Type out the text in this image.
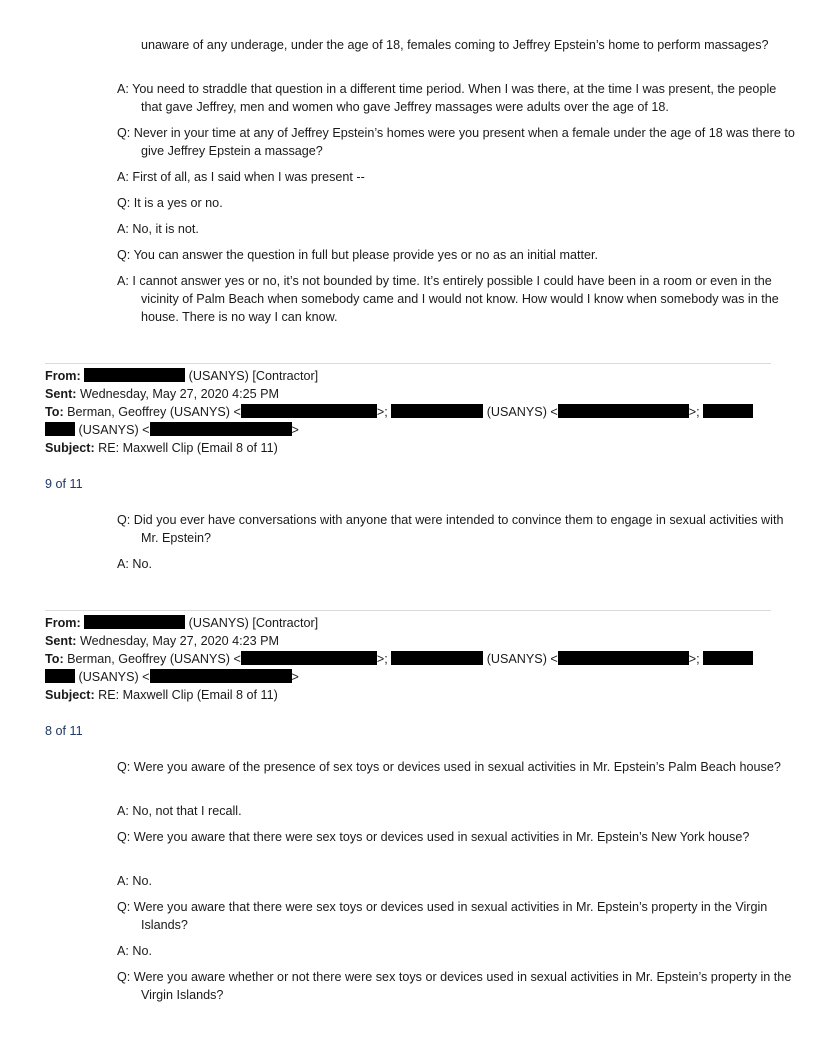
unaware of any underage, under the age of 18, females coming to Jeffrey Epstein’s home to perform massages?
A: You need to straddle that question in a different time period. When I was there, at the time I was present, the people that gave Jeffrey, men and women who gave Jeffrey massages were adults over the age of 18.
Q: Never in your time at any of Jeffrey Epstein’s homes were you present when a female under the age of 18 was there to give Jeffrey Epstein a massage?
A: First of all, as I said when I was present --
Q: It is a yes or no.
A: No, it is not.
Q: You can answer the question in full but please provide yes or no as an initial matter.
A: I cannot answer yes or no, it’s not bounded by time. It’s entirely possible I could have been in a room or even in the vicinity of Palm Beach when somebody came and I would not know. How would I know when somebody was in the house. There is no way I can know.
From:	(USANYS) [Contractor]
Sent: Wednesday, May 27, 2020 4:25 PM
To: Berman, Geoffrey (USANYS) <	>;	(USANYS) <	>;
(USANYS) <	>
Subject: RE: Maxwell Clip (Email 8 of 11)
9 of 11
Q: Did you ever have conversations with anyone that were intended to convince them to engage in sexual activities with Mr. Epstein?
A: No.
From:	(USANYS) [Contractor]
Sent: Wednesday, May 27, 2020 4:23 PM
To: Berman, Geoffrey (USANYS) <	>;	(USANYS) <	>;
(USANYS) <	>
Subject: RE: Maxwell Clip (Email 8 of 11)
8 of 11
Q: Were you aware of the presence of sex toys or devices used in sexual activities in Mr. Epstein’s Palm Beach house?
A: No, not that I recall.
Q: Were you aware that there were sex toys or devices used in sexual activities in Mr. Epstein’s New York house?
A: No.
Q: Were you aware that there were sex toys or devices used in sexual activities in Mr. Epstein’s property in the Virgin Islands?
A: No.
Q: Were you aware whether or not there were sex toys or devices used in sexual activities in Mr. Epstein’s property in the Virgin Islands?
